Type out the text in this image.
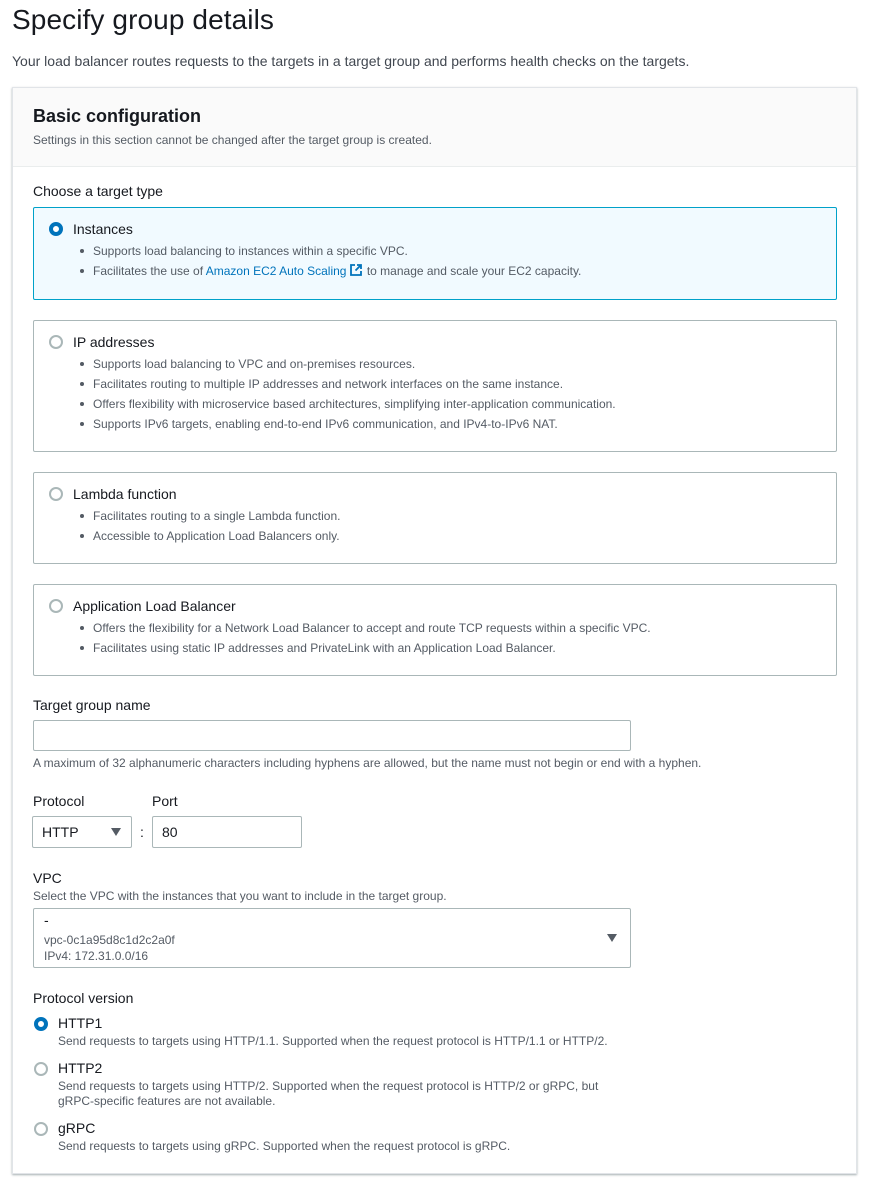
Specify group details
Your load balancer routes requests to the targets in a target group and performs health checks on the targets.
Basic configuration
Settings in this section cannot be changed after the target group is created.
Choose a target type
Instances
Supports load balancing to instances within a specific VPC.
Facilitates the use of Amazon EC2 Auto Scaling to manage and scale your EC2 capacity.
IP addresses
Supports load balancing to VPC and on-premises resources.
Facilitates routing to multiple IP addresses and network interfaces on the same instance.
Offers flexibility with microservice based architectures, simplifying inter-application communication.
Supports IPv6 targets, enabling end-to-end IPv6 communication, and IPv4-to-IPv6 NAT.
Lambda function
Facilitates routing to a single Lambda function.
Accessible to Application Load Balancers only.
Application Load Balancer
Offers the flexibility for a Network Load Balancer to accept and route TCP requests within a specific VPC.
Facilitates using static IP addresses and PrivateLink with an Application Load Balancer.
Target group name
A maximum of 32 alphanumeric characters including hyphens are allowed, but the name must not begin or end with a hyphen.
Protocol	Port
HTTP	:
80
VPC
Select the VPC with the instances that you want to include in the target group.
-
vpc-0c1a95d8c1d2c2a0f
IPv4: 172.31.0.0/16
Protocol version
HTTP1
Send requests to targets using HTTP/1.1. Supported when the request protocol is HTTP/1.1 or HTTP/2.
HTTP2
Send requests to targets using HTTP/2. Supported when the request protocol is HTTP/2 or gRPC, but gRPC-specific features are not available.
gRPC
Send requests to targets using gRPC. Supported when the request protocol is gRPC.
